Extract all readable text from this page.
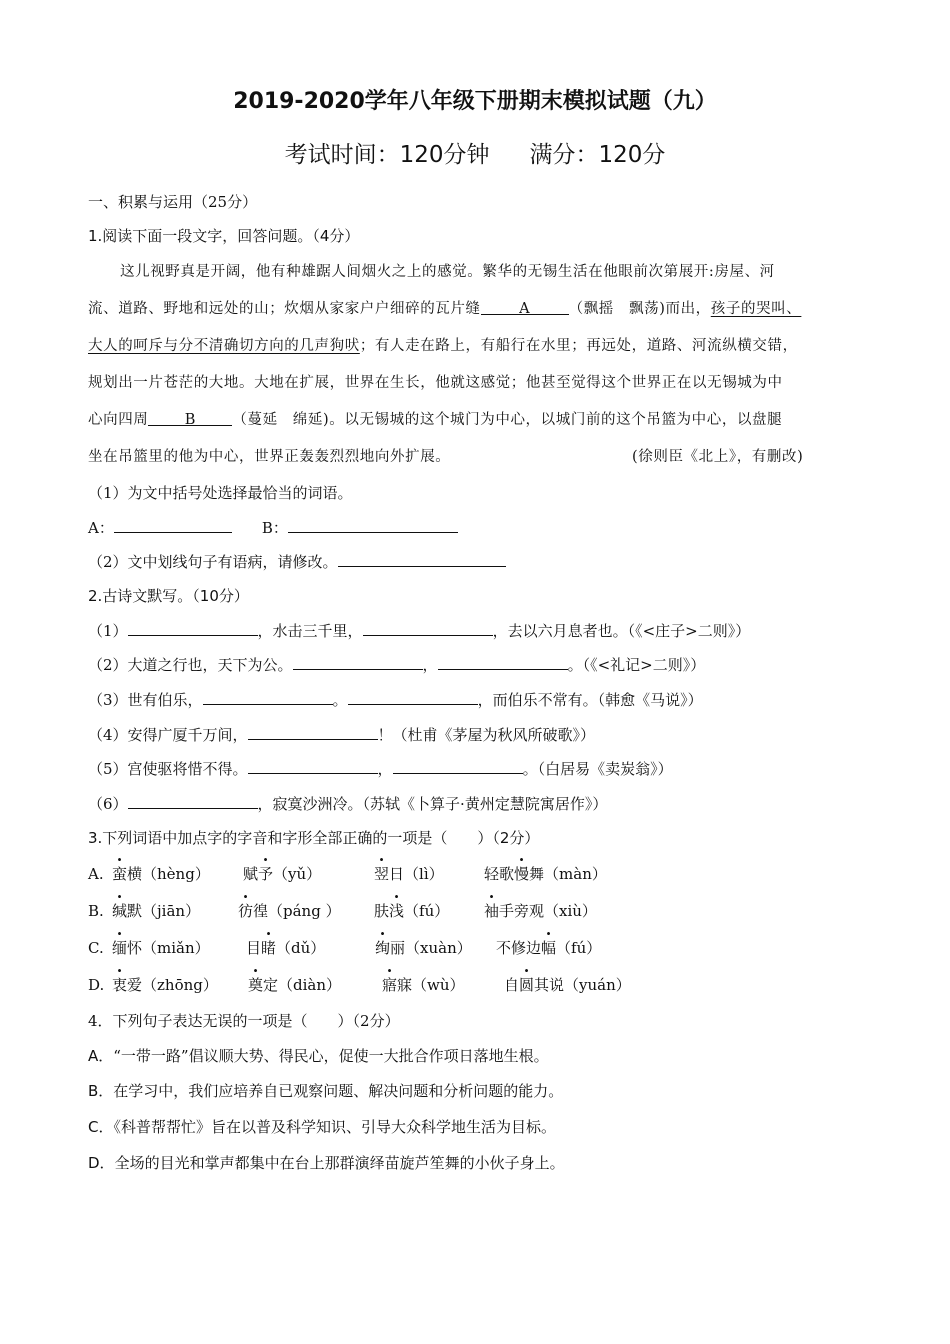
2019-2020学年八年级下册期末模拟试题（九）
考试时间：120分钟 满分：120分
一、积累与运用（25分）
1.阅读下面一段文字，回答问题。（4分）
这儿视野真是开阔，他有种雄踞人间烟火之上的感觉。繁华的无锡生活在他眼前次第展开:房屋、河
流、道路、野地和远处的山；炊烟从家家户户细碎的瓦片缝	A	（飘摇　飘荡)而出，孩子的哭叫、
大人的呵斥与分不清确切方向的几声狗吠；有人走在路上，有船行在水里；再远处，道路、河流纵横交错，
规划出一片苍茫的大地。大地在扩展，世界在生长，他就这感觉；他甚至觉得这个世界正在以无锡城为中
心向四周	B	（蔓延　绵延)。以无锡城的这个城门为中心，以城门前的这个吊篮为中心，以盘腿
坐在吊篮里的他为中心，世界正轰轰烈烈地向外扩展。	(徐则臣《北上》，有删改)
（1）为文中括号处选择最恰当的词语。
A：	B：
（2）文中划线句子有语病，请修改。
2.古诗文默写。（10分）
（1）	，水击三千里，	，去以六月息者也。（《<庄子>二则》）
（2）大道之行也，天下为公。	，	。（《<礼记>二则》）
（3）世有伯乐，	。	，而伯乐不常有。（韩愈《马说》）
（4）安得广厦千万间，	！（杜甫《茅屋为秋风所破歌》）
（5）宫使驱将惜不得。	，	。（白居易《卖炭翁》）
（6）	，寂寞沙洲冷。（苏轼《卜算子·黄州定慧院寓居作》）
3.下列词语中加点字的字音和字形全部正确的一项是（　　）（2分）
A. 蛮横（hèng） 赋予（yǔ）	翌日（lì）	轻歌慢舞（màn）
B. 缄默（jiān）	彷徨（páng ） 肤浅（fú） 袖手旁观（xiù）
C. 缅怀（miǎn） 目睹（dǔ）	绚丽（xuàn） 不修边幅（fú）
D. 衷爱（zhōng） 奠定（diàn）	寤寐（wù）	自圆其说（yuán）
4．下列句子表达无误的一项是（　　）（2分）
A．“一带一路”倡议顺大势、得民心，促使一大批合作项日落地生根。
B．在学习中，我们应培养自已观察问题、解决问题和分析问题的能力。
C．《科普帮帮忙》旨在以普及科学知识、引导大众科学地生活为目标。
D．全场的目光和掌声都集中在台上那群演绎苗旋芦笙舞的小伙子身上。
